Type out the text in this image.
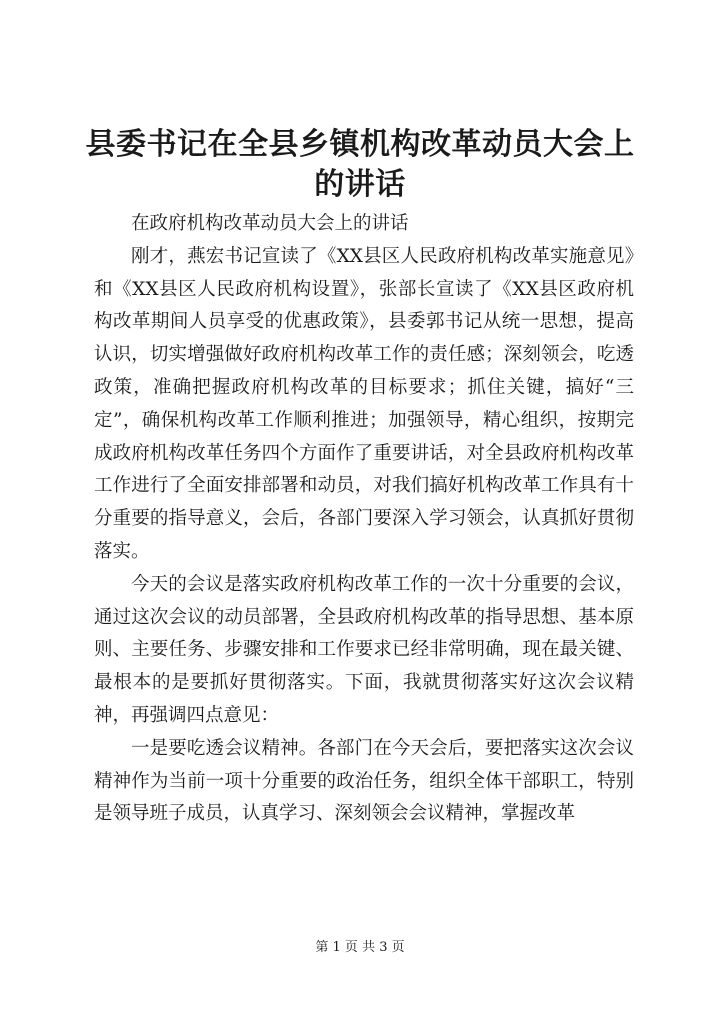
县委书记在全县乡镇机构改革动员大会上的讲话

在政府机构改革动员大会上的讲话

刚才，燕宏书记宣读了《XX县区人民政府机构改革实施意见》和《XX县区人民政府机构设置》，张部长宣读了《XX县区政府机构改革期间人员享受的优惠政策》，县委郭书记从统一思想，提高认识，切实增强做好政府机构改革工作的责任感；深刻领会，吃透政策，准确把握政府机构改革的目标要求；抓住关键，搞好“三定”，确保机构改革工作顺利推进；加强领导，精心组织，按期完成政府机构改革任务四个方面作了重要讲话，对全县政府机构改革工作进行了全面安排部署和动员，对我们搞好机构改革工作具有十分重要的指导意义，会后，各部门要深入学习领会，认真抓好贯彻落实。

今天的会议是落实政府机构改革工作的一次十分重要的会议，通过这次会议的动员部署，全县政府机构改革的指导思想、基本原则、主要任务、步骤安排和工作要求已经非常明确，现在最关键、最根本的是要抓好贯彻落实。下面，我就贯彻落实好这次会议精神，再强调四点意见：

一是要吃透会议精神。各部门在今天会后，要把落实这次会议精神作为当前一项十分重要的政治任务，组织全体干部职工，特别是领导班子成员，认真学习、深刻领会会议精神，掌握改革

第 1 页 共 3 页
